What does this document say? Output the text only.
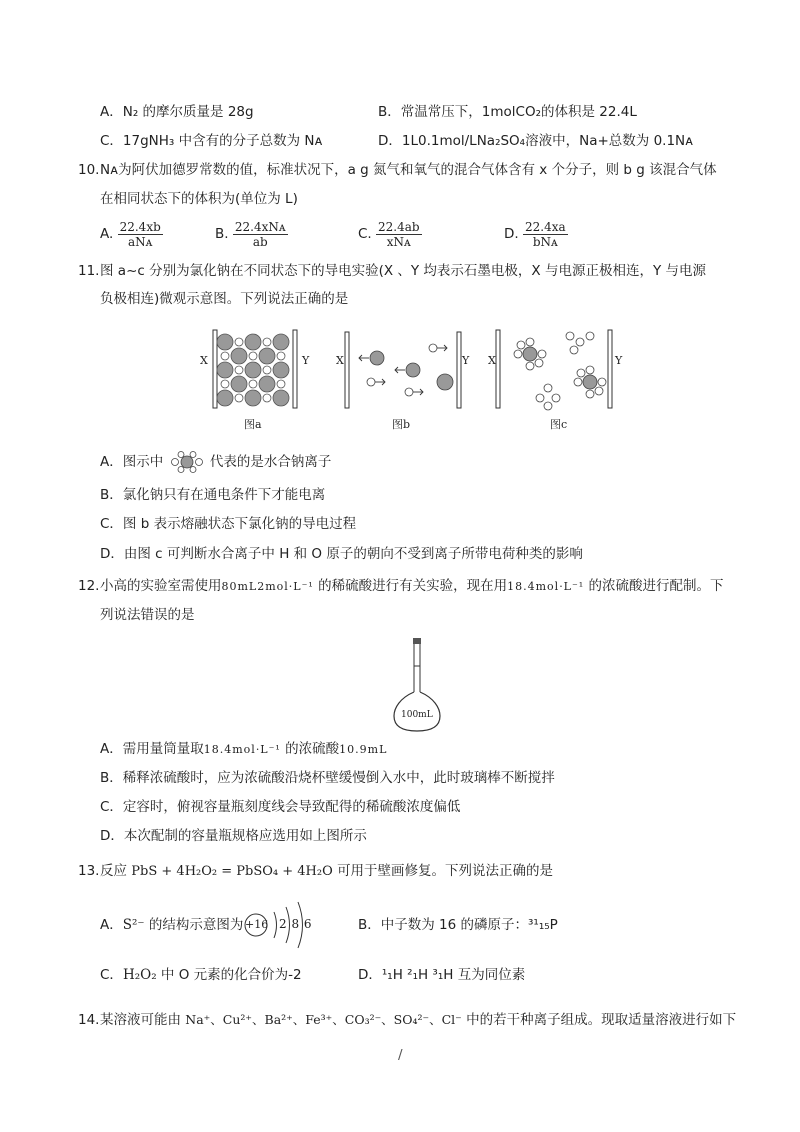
A．N₂ 的摩尔质量是 28g	B．常温常压下，1molCO₂的体积是 22.4L
C．17gNH₃ 中含有的分子总数为 Nᴀ	D．1L0.1mol/LNa₂SO₄溶液中，Na+总数为 0.1Nᴀ
10. Nᴀ为阿伏加德罗常数的值，标准状况下，a g 氮气和氧气的混合气体含有 x 个分子，则 b g 该混合气体
在相同状态下的体积为(单位为 L)
A. $\frac{22.4xb}{\text{aNᴀ}}$	B. $\frac{\text{22.4xNᴀ}}{ab}$	C. $\frac{22.4ab}{\text{xNᴀ}}$	D. $\frac{22.4xa}{\text{bNᴀ}}$
11. 图 a~c 分别为氯化钠在不同状态下的导电实验(X 、Y 均表示石墨电极，X 与电源正极相连，Y 与电源
负极相连)微观示意图。下列说法正确的是
X	Y
图a
X	Y
图b
X	Y
图c
A．图示中	代表的是水合钠离子
B．氯化钠只有在通电条件下才能电离
C．图 b 表示熔融状态下氯化钠的导电过程
D．由图 c 可判断水合离子中 H 和 O 原子的朝向不受到离子所带电荷种类的影响
12. 小高的实验室需使用80mL2mol·L⁻¹ 的稀硫酸进行有关实验，现在用18.4mol·L⁻¹ 的浓硫酸进行配制。下
列说法错误的是
100mL
A．需用量筒量取18.4mol·L⁻¹ 的浓硫酸10.9mL
B．稀释浓硫酸时，应为浓硫酸沿烧杯壁缓慢倒入水中，此时玻璃棒不断搅拌
C．定容时，俯视容量瓶刻度线会导致配得的稀硫酸浓度偏低
D．本次配制的容量瓶规格应选用如上图所示
13. 反应 PbS + 4H₂O₂ = PbSO₄ + 4H₂O 可用于壁画修复。下列说法正确的是
A．S²⁻ 的结构示意图为 +16 2 8 6	B．中子数为 16 的磷原子：³¹₁₅P
C．H₂O₂ 中 O 元素的化合价为-2	D．¹₁H ²₁H ³₁H 互为同位素
14. 某溶液可能由 Na⁺、Cu²⁺、Ba²⁺、Fe³⁺、CO₃²⁻、SO₄²⁻、Cl⁻ 中的若干种离子组成。现取适量溶液进行如下
/
